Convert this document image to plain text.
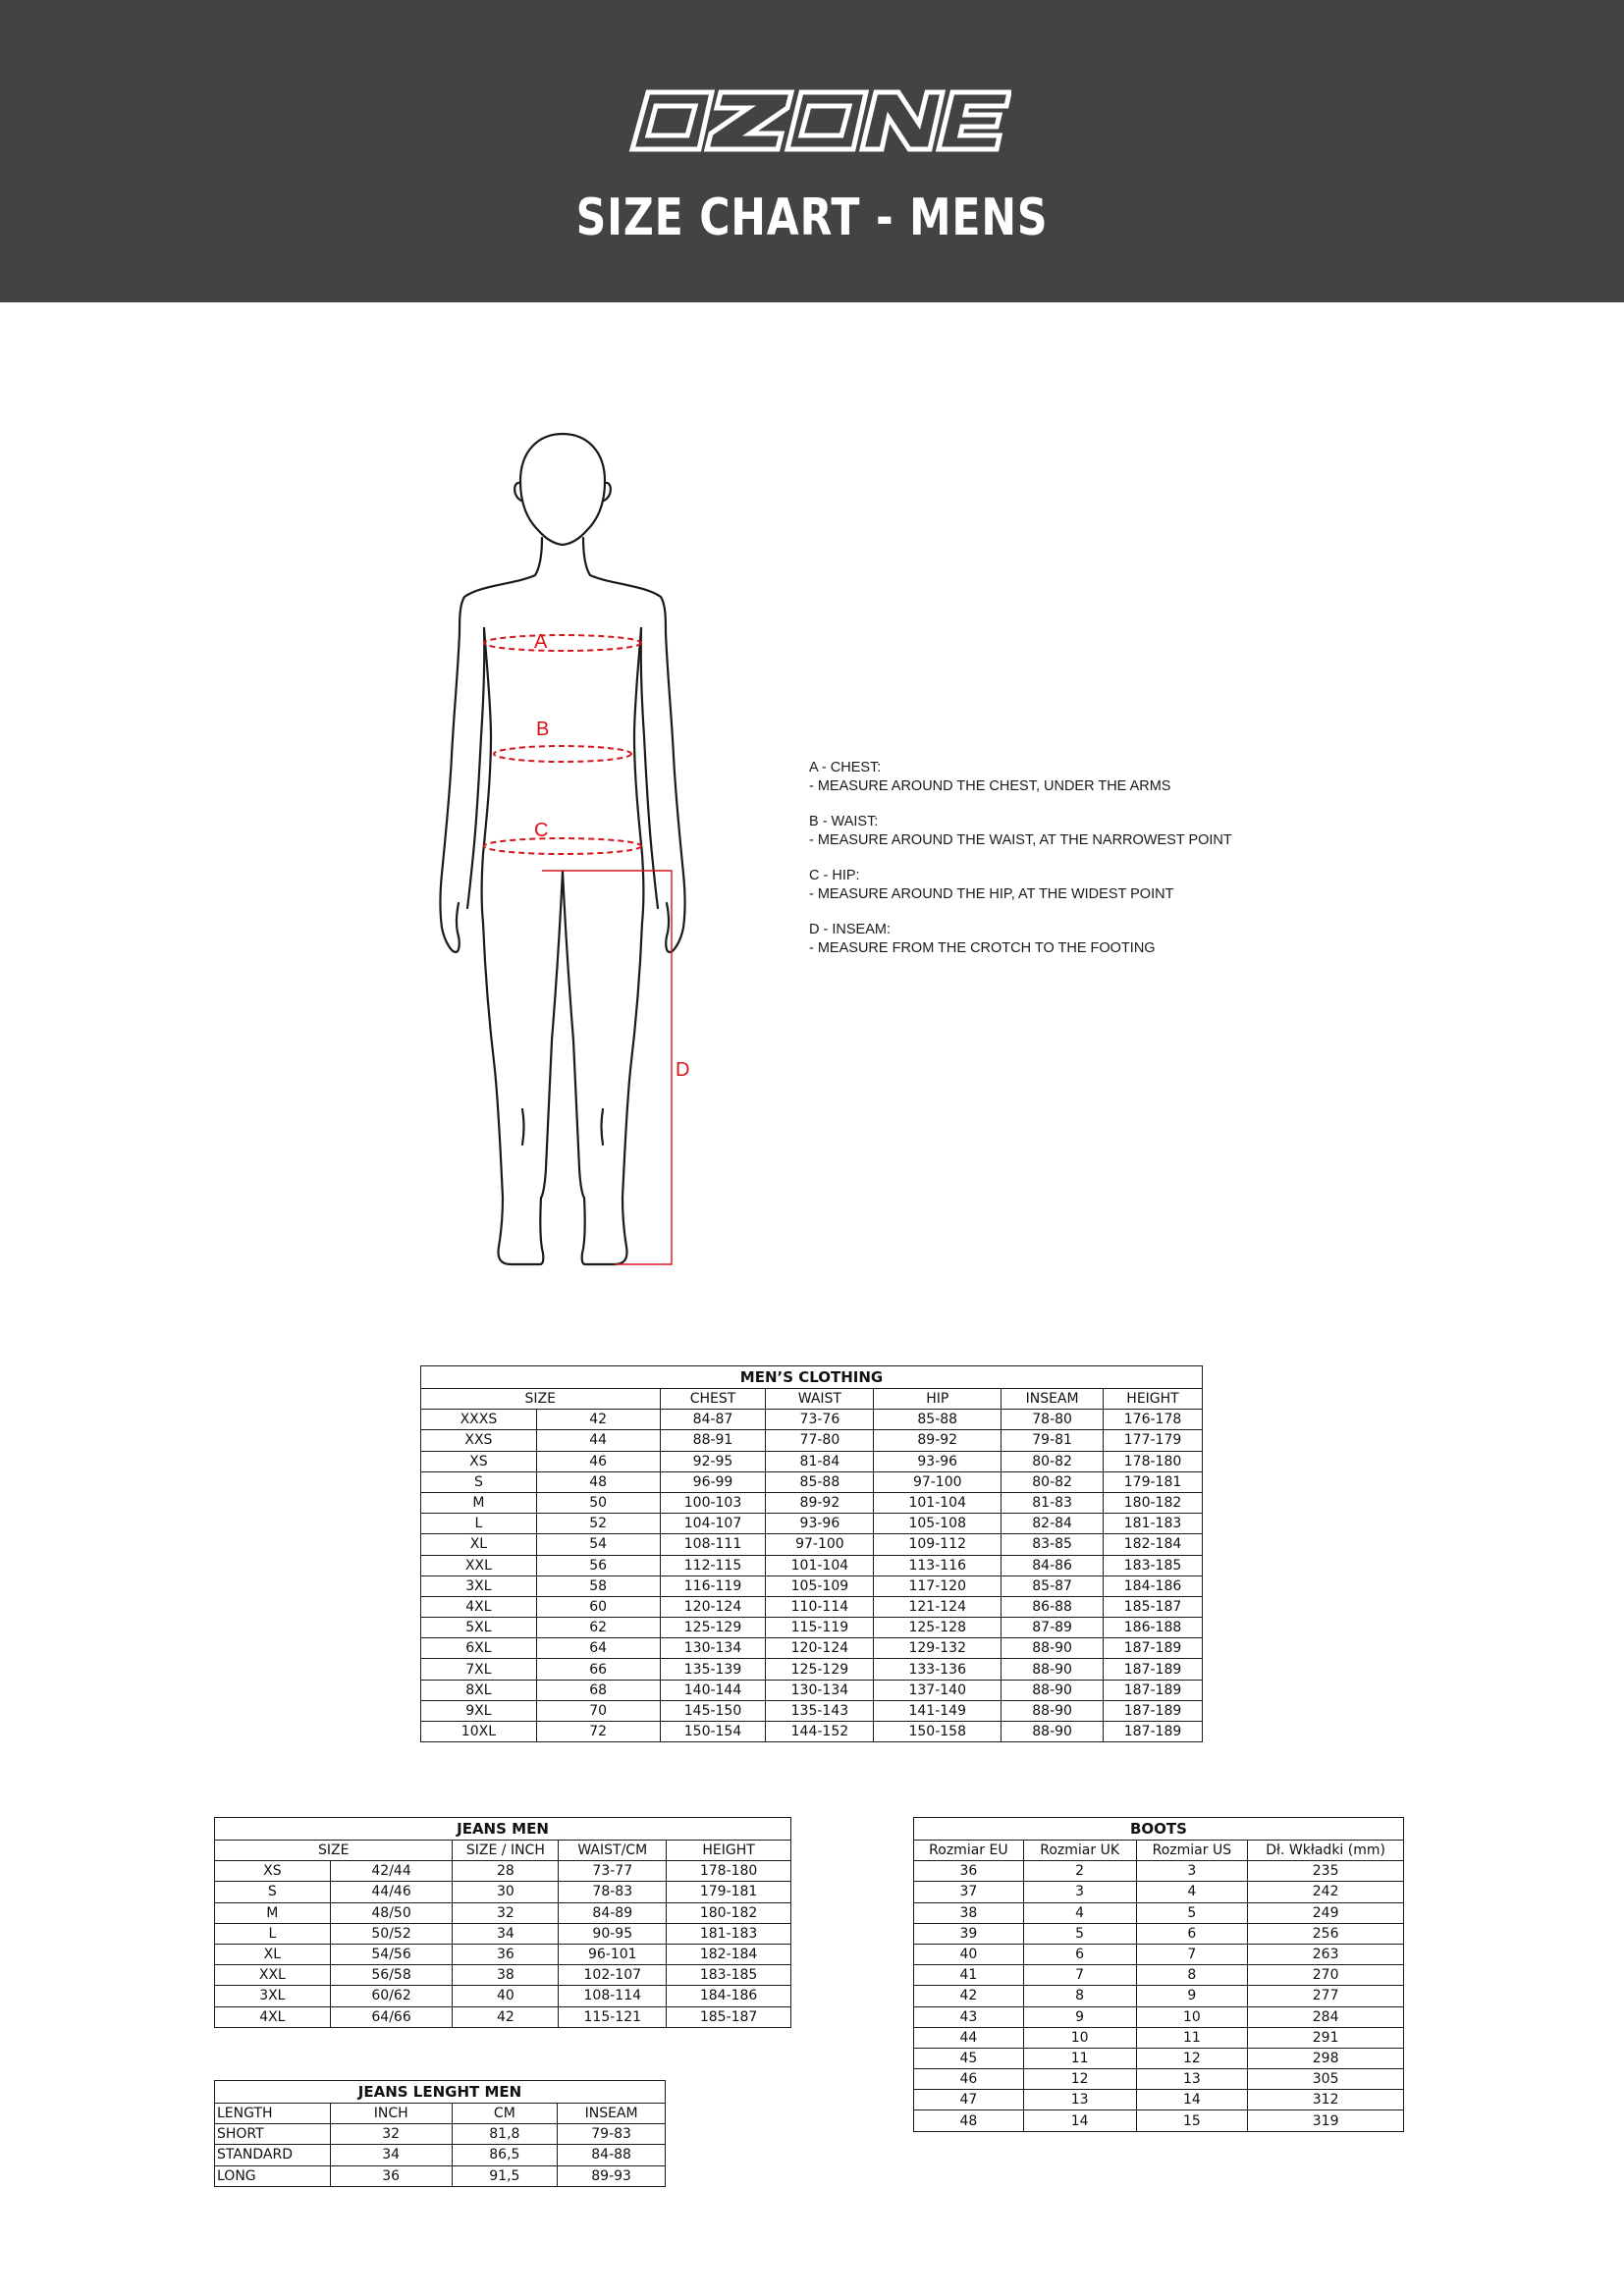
SIZE CHART - MENS
A
B
C
D
A - CHEST:
- MEASURE AROUND THE CHEST, UNDER THE ARMS
B - WAIST:
- MEASURE AROUND THE WAIST, AT THE NARROWEST POINT
C - HIP:
- MEASURE AROUND THE HIP, AT THE WIDEST POINT
D - INSEAM:
- MEASURE FROM THE CROTCH TO THE FOOTING
MEN’S CLOTHING						
SIZE		CHEST	WAIST	HIP	INSEAM	HEIGHT
XXXS	42	84-87	73-76	85-88	78-80	176-178
XXS	44	88-91	77-80	89-92	79-81	177-179
XS	46	92-95	81-84	93-96	80-82	178-180
S	48	96-99	85-88	97-100	80-82	179-181
M	50	100-103	89-92	101-104	81-83	180-182
L	52	104-107	93-96	105-108	82-84	181-183
XL	54	108-111	97-100	109-112	83-85	182-184
XXL	56	112-115	101-104	113-116	84-86	183-185
3XL	58	116-119	105-109	117-120	85-87	184-186
4XL	60	120-124	110-114	121-124	86-88	185-187
5XL	62	125-129	115-119	125-128	87-89	186-188
6XL	64	130-134	120-124	129-132	88-90	187-189
7XL	66	135-139	125-129	133-136	88-90	187-189
8XL	68	140-144	130-134	137-140	88-90	187-189
9XL	70	145-150	135-143	141-149	88-90	187-189
10XL	72	150-154	144-152	150-158	88-90	187-189
JEANS MEN				
SIZE		SIZE / INCH	WAIST/CM	HEIGHT
XS	42/44	28	73-77	178-180
S	44/46	30	78-83	179-181
M	48/50	32	84-89	180-182
L	50/52	34	90-95	181-183
XL	54/56	36	96-101	182-184
XXL	56/58	38	102-107	183-185
3XL	60/62	40	108-114	184-186
4XL	64/66	42	115-121	185-187
JEANS LENGHT MEN			
LENGTH	INCH	CM	INSEAM
SHORT	32	81,8	79-83
STANDARD	34	86,5	84-88
LONG	36	91,5	89-93
BOOTS			
Rozmiar EU	Rozmiar UK	Rozmiar US	Dł. Wkładki (mm)
36	2	3	235
37	3	4	242
38	4	5	249
39	5	6	256
40	6	7	263
41	7	8	270
42	8	9	277
43	9	10	284
44	10	11	291
45	11	12	298
46	12	13	305
47	13	14	312
48	14	15	319
